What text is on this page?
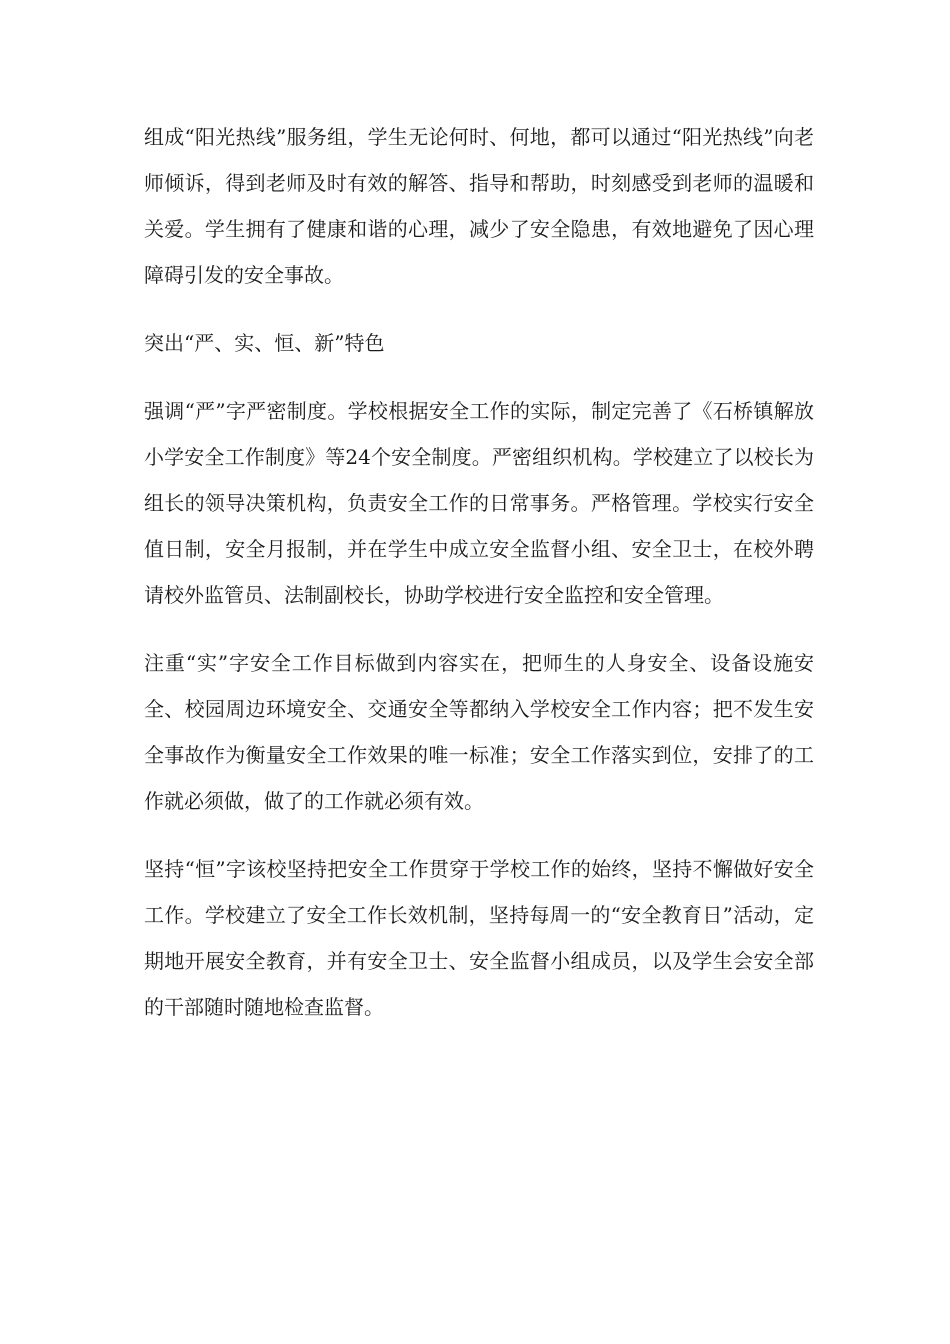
组成“阳光热线”服务组，学生无论何时、何地，都可以通过“阳光热线”向老师倾诉，得到老师及时有效的解答、指导和帮助，时刻感受到老师的温暖和关爱。学生拥有了健康和谐的心理，减少了安全隐患，有效地避免了因心理障碍引发的安全事故。

突出“严、实、恒、新”特色

强调“严”字严密制度。学校根据安全工作的实际，制定完善了《石桥镇解放小学安全工作制度》等24个安全制度。严密组织机构。学校建立了以校长为组长的领导决策机构，负责安全工作的日常事务。严格管理。学校实行安全值日制，安全月报制，并在学生中成立安全监督小组、安全卫士，在校外聘请校外监管员、法制副校长，协助学校进行安全监控和安全管理。

注重“实”字安全工作目标做到内容实在，把师生的人身安全、设备设施安全、校园周边环境安全、交通安全等都纳入学校安全工作内容；把不发生安全事故作为衡量安全工作效果的唯一标准；安全工作落实到位，安排了的工作就必须做，做了的工作就必须有效。

坚持“恒”字该校坚持把安全工作贯穿于学校工作的始终，坚持不懈做好安全工作。学校建立了安全工作长效机制，坚持每周一的“安全教育日”活动，定期地开展安全教育，并有安全卫士、安全监督小组成员，以及学生会安全部的干部随时随地检查监督。
